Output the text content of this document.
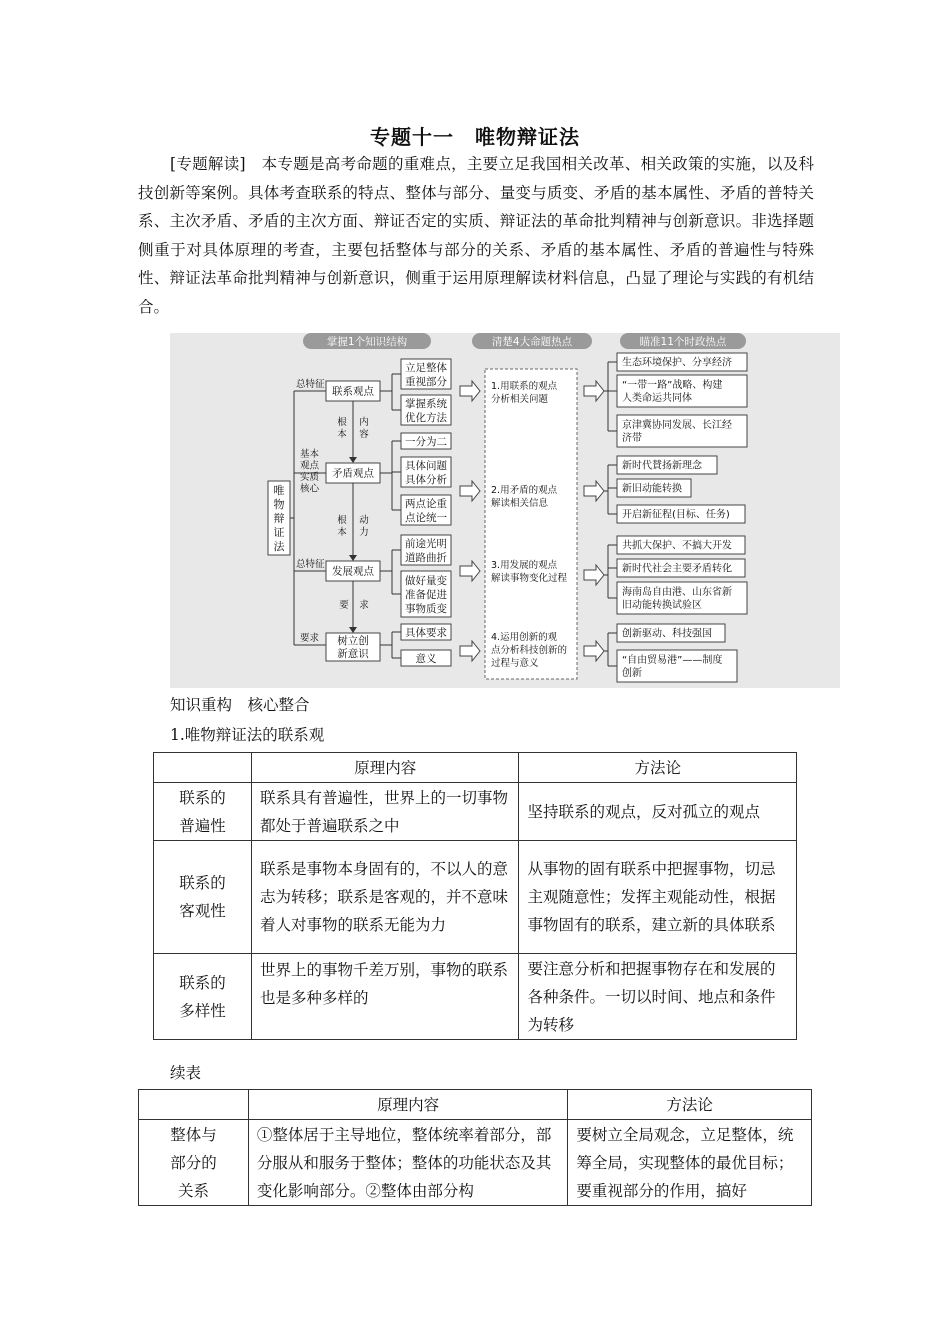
专题十一　唯物辩证法
[专题解读]　本专题是高考命题的重难点，主要立足我国相关改革、相关政策的实施，以及科技创新等案例。具体考查联系的特点、整体与部分、量变与质变、矛盾的基本属性、矛盾的普特关系、主次矛盾、矛盾的主次方面、辩证否定的实质、辩证法的革命批判精神与创新意识。非选择题侧重于对具体原理的考查，主要包括整体与部分的关系、矛盾的基本属性、矛盾的普遍性与特殊性、辩证法革命批判精神与创新意识，侧重于运用原理解读材料信息，凸显了理论与实践的有机结合。
掌握1个知识结构	清楚4大命题热点	瞄准11个时政热点
唯
物
辩
证
法
总特征
基本
观点
实质
核心
总特征
要求
联系观点
矛盾观点
发展观点
树立创
新意识
根
本
内
容
根
本
动
力
要 求
立足整体
重视部分
掌握系统
优化方法
一分为二
具体问题
具体分析
两点论重
点论统一
前途光明
道路曲折
做好量变
准备促进
事物质变
具体要求
意义
1.用联系的观点
分析相关问题
2.用矛盾的观点
解读相关信息
3.用发展的观点
解读事物变化过程
4.运用创新的观
点分析科技创新的
过程与意义
生态环境保护、分享经济
“一带一路”战略、构建
人类命运共同体
京津冀协同发展、长江经
济带
新时代賛扬新理念
新旧动能转换
开启新征程(目标、任务)
共抓大保护、不搞大开发
新时代社会主要矛盾转化
海南岛自由港、山东省新
旧动能转换试验区
创新驱动、科技强国
“自由贸易港”——制度
创新
知识重构　核心整合
1.唯物辩证法的联系观
	原理内容	方法论

联系的普遍性	联系具有普遍性，世界上的一切事物都处于普遍联系之中	坚持联系的观点，反对孤立的观点

联系的客观性	联系是事物本身固有的，不以人的意志为转移；联系是客观的，并不意味着人对事物的联系无能为力	从事物的固有联系中把握事物，切忌主观随意性；发挥主观能动性，根据事物固有的联系，建立新的具体联系

联系的多样性	世界上的事物千差万别，事物的联系也是多种多样的	要注意分析和把握事物存在和发展的各种条件。一切以时间、地点和条件为转移
续表
	原理内容	方法论

整体与部分的关系	①整体居于主导地位，整体统率着部分，部分服从和服务于整体；整体的功能状态及其变化影响部分。②整体由部分构	要树立全局观念，立足整体，统筹全局，实现整体的最优目标；要重视部分的作用，搞好
